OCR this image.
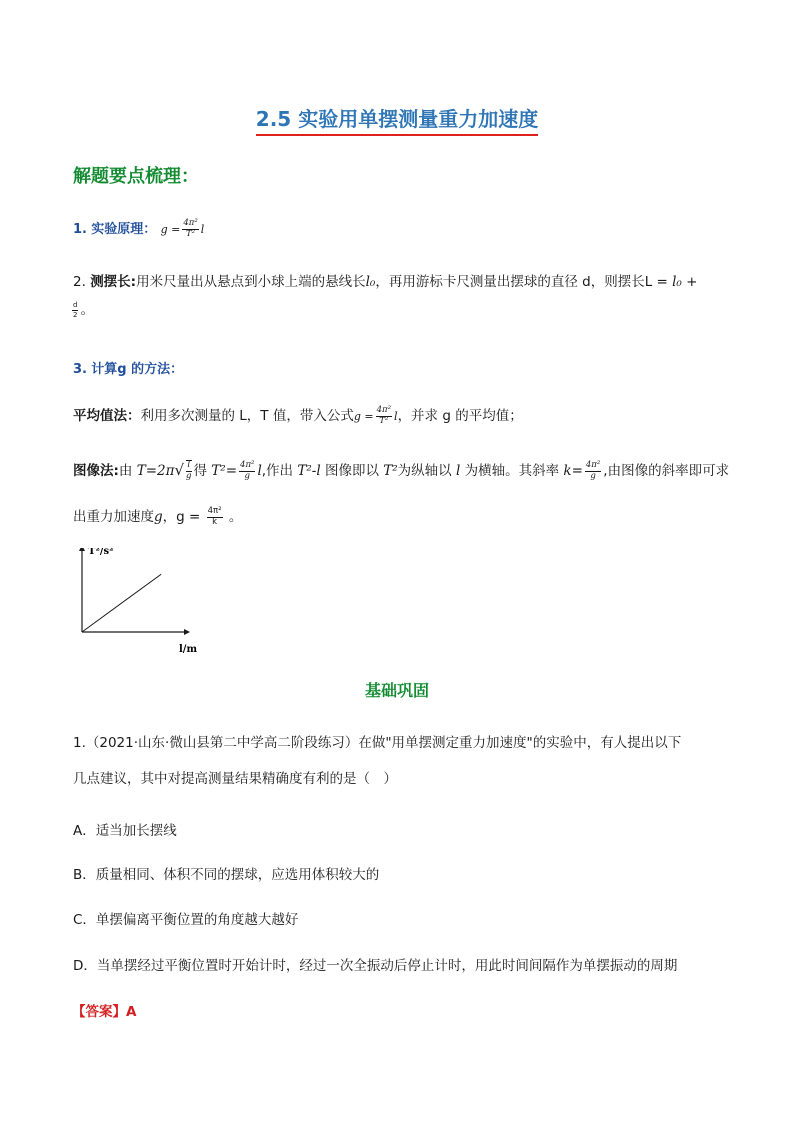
2.5 实验用单摆测量重力加速度
解题要点梳理：
1. 实验原理： $g = \frac{\text{4π²}}{\text{T²}}$ l
2. 测摆长:用米尺量出从悬点到小球上端的悬线长l₀，再用游标卡尺测量出摆球的直径 d，则摆长L = l₀ +
$\frac{d}{2}$ 。
3. 计算g 的方法：
平均值法：利用多次测量的 L，T 值，带入公式$g = \frac{\text{4π²}}{\text{T²}}$ l，并求 g 的平均值；
图像法:由 $T=2\pi√ \frac{l}{g}$ 得 $T^2= \frac{\text{4π²}}{g} l$,作出 T²-l 图像即以 T²为纵轴以 l 为横轴。其斜率 $k= \frac{\text{4π²}}{g}$ ,由图像的斜率即可求
出重力加速度g，$g = \frac{\text{4π²}}{k}$ 。
T²/s²
l/m
基础巩固
1.（2021·山东·微山县第二中学高二阶段练习）在做"用单摆测定重力加速度"的实验中，有人提出以下
几点建议，其中对提高测量结果精确度有利的是（　）
A．适当加长摆线
B．质量相同、体积不同的摆球，应选用体积较大的
C．单摆偏离平衡位置的角度越大越好
D．当单摆经过平衡位置时开始计时，经过一次全振动后停止计时，用此时间间隔作为单摆振动的周期
【答案】A
